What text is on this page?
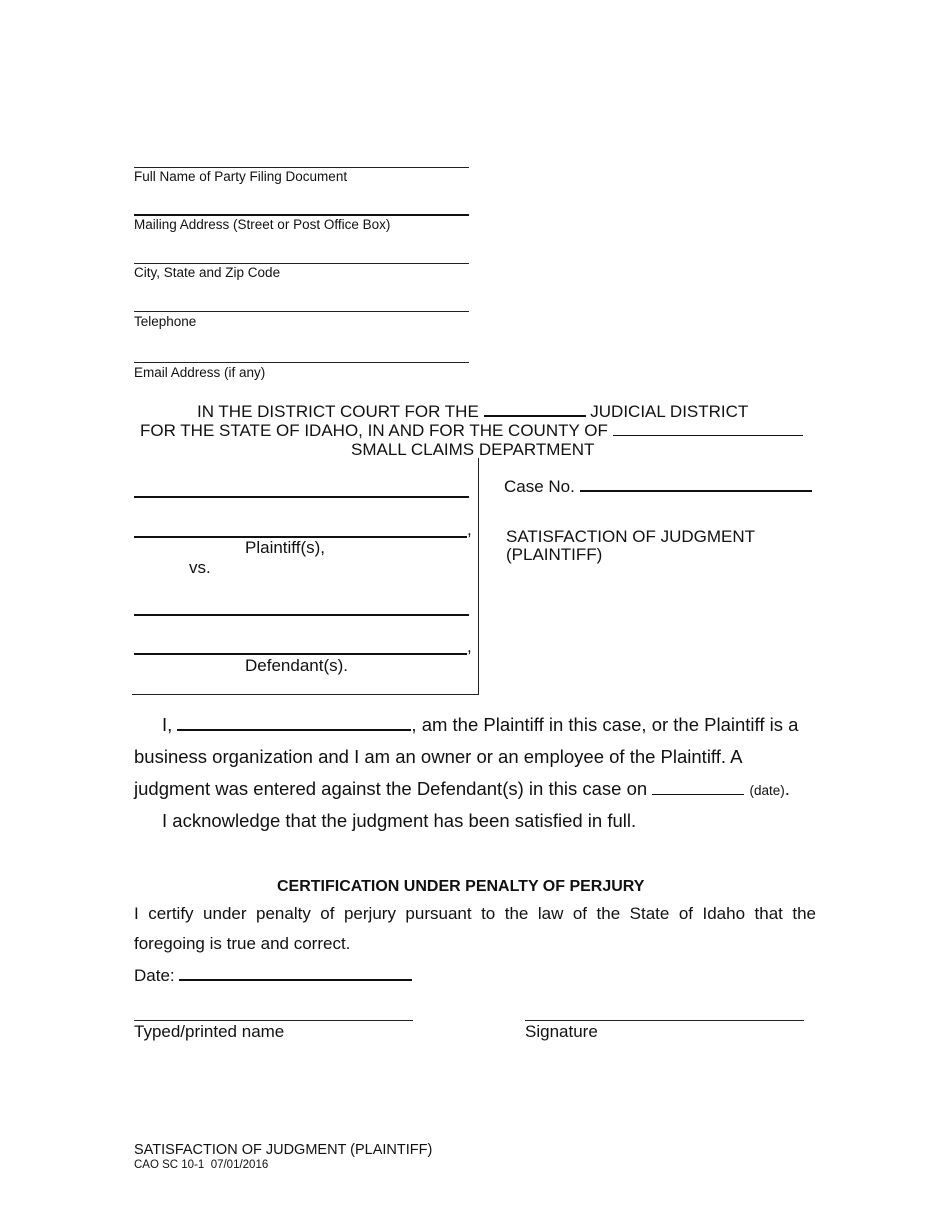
Full Name of Party Filing Document
Mailing Address (Street or Post Office Box)
City, State and Zip Code
Telephone
Email Address (if any)
IN THE DISTRICT COURT FOR THE	JUDICIAL DISTRICT
FOR THE STATE OF IDAHO, IN AND FOR THE COUNTY OF
SMALL CLAIMS DEPARTMENT
,
Plaintiff(s),
vs.
,
Defendant(s).
Case No.
SATISFACTION OF JUDGMENT
(PLAINTIFF)
I,	, am the Plaintiff in this case, or the Plaintiff is a
business organization and I am an owner or an employee of the Plaintiff. A
judgment was entered against the Defendant(s) in this case on	(date).
I acknowledge that the judgment has been satisfied in full.
CERTIFICATION UNDER PENALTY OF PERJURY
I certify under penalty of perjury pursuant to the law of the State of Idaho that the
foregoing is true and correct.
Date:
Typed/printed name	Signature
SATISFACTION OF JUDGMENT (PLAINTIFF)
CAO SC 10-1  07/01/2016
